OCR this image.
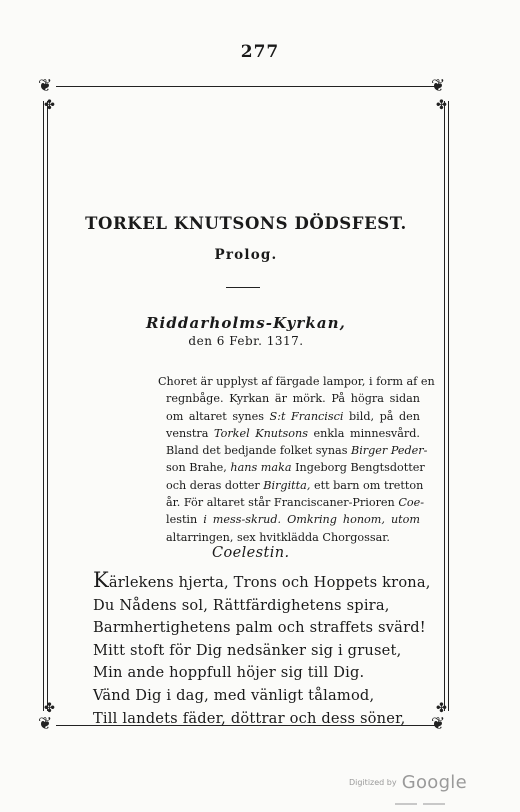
277
❦	❦
❦	❦
✤	✤
✤	✤
TORKEL KNUTSONS DÖDSFEST.
Prolog.
Riddarholms-Kyrkan,
den 6 Febr. 1317.
Choret är upplyst af färgade lampor, i form af en
regnbåge. Kyrkan är mörk. På högra sidan
om altaret synes S:t Francisci bild, på den
venstra Torkel Knutsons enkla minnesvård.
Bland det bedjande folket synas Birger Peder-
son Brahe, hans maka Ingeborg Bengtsdotter
och deras dotter Birgitta, ett barn om tretton
år. För altaret står Franciscaner-Prioren Coe-
lestin i mess-skrud. Omkring honom, utom
altarringen, sex hvitklädda Chorgossar.
Coelestin.
Kärlekens hjerta, Trons och Hoppets krona,
Du Nådens sol, Rättfärdighetens spira,
Barmhertighetens palm och straffets svärd!
Mitt stoft för Dig nedsänker sig i gruset,
Min ande hoppfull höjer sig till Dig.
Vänd Dig i dag, med vänligt tålamod,
Till landets fäder, döttrar och dess söner,
Digitized by Google
